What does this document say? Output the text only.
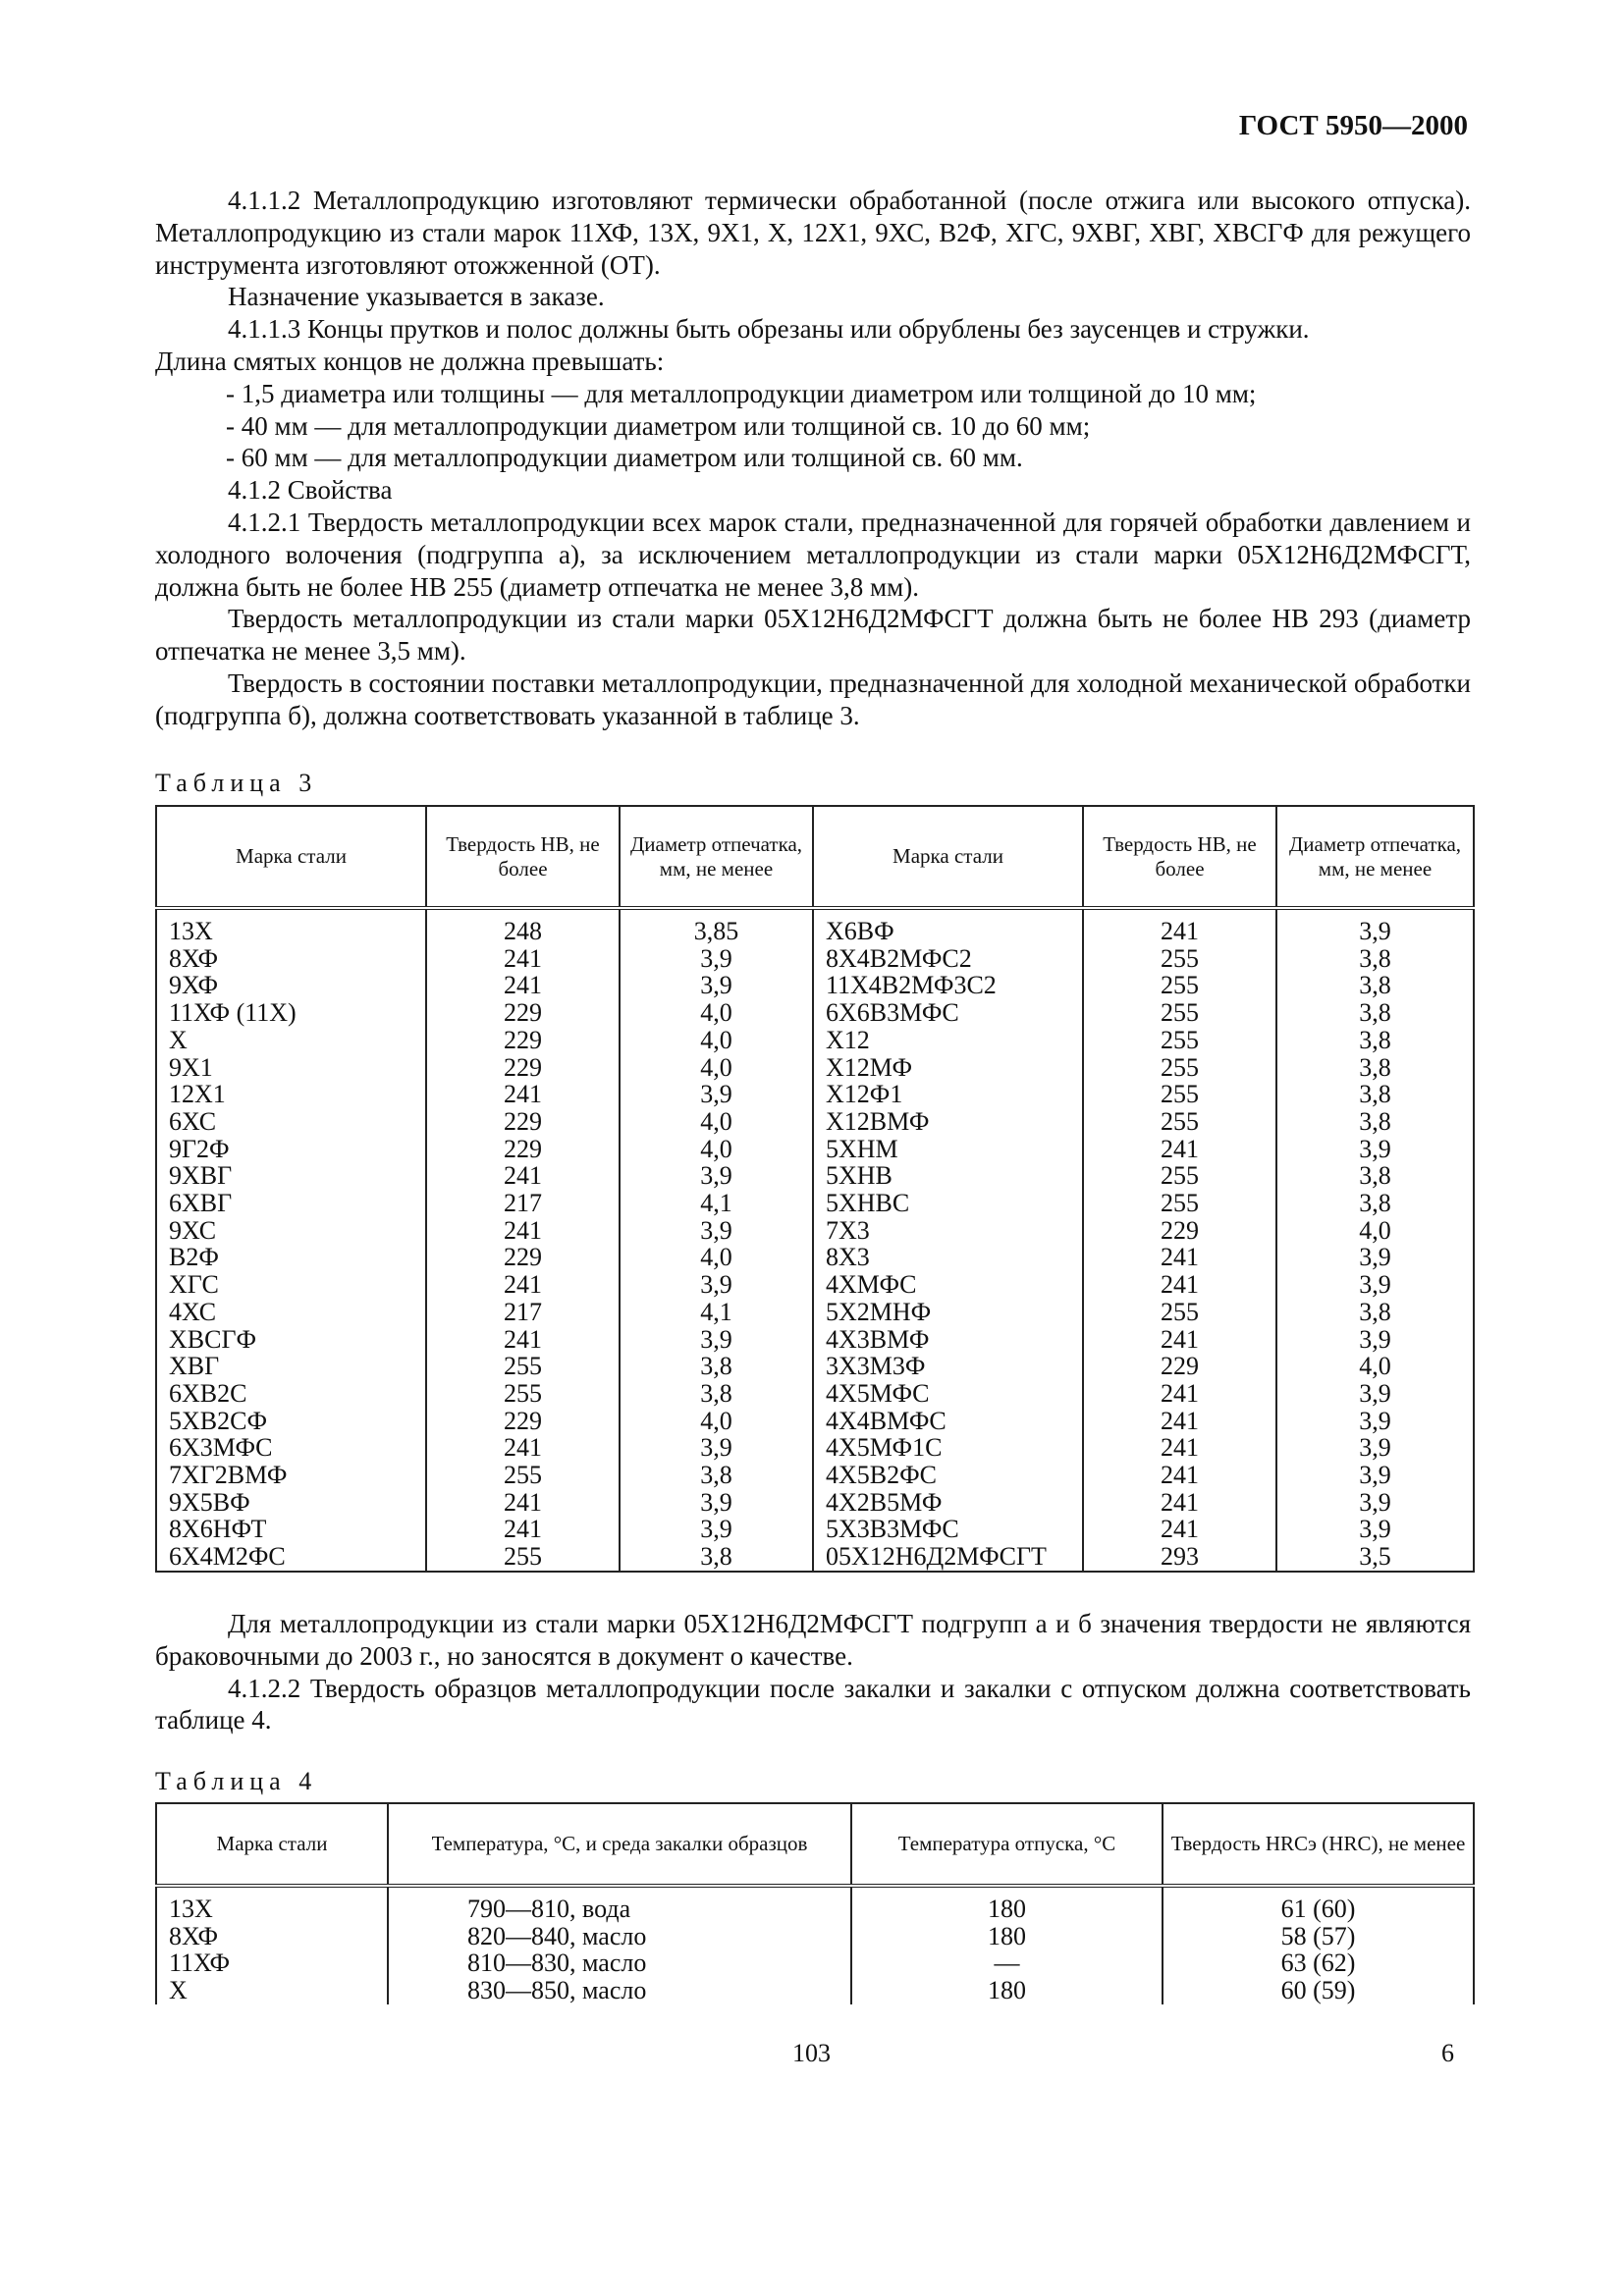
ГОСТ 5950—2000

4.1.1.2 Металлопродукцию изготовляют термически обработанной (после отжига или высокого отпуска). Металлопродукцию из стали марок 11ХФ, 13Х, 9Х1, Х, 12Х1, 9ХС, В2Ф, ХГС, 9ХВГ, ХВГ, ХВСГФ для режущего инструмента изготовляют отожженной (ОТ).

Назначение указывается в заказе.

4.1.1.3 Концы прутков и полос должны быть обрезаны или обрублены без заусенцев и стружки.

Длина смятых концов не должна превышать:

- 1,5 диаметра или толщины — для металлопродукции диаметром или толщиной до 10 мм;

- 40 мм — для металлопродукции диаметром или толщиной св. 10 до 60 мм;

- 60 мм — для металлопродукции диаметром или толщиной св. 60 мм.

4.1.2 Свойства

4.1.2.1 Твердость металлопродукции всех марок стали, предназначенной для горячей обработки давлением и холодного волочения (подгруппа а), за исключением металлопродукции из стали марки 05Х12Н6Д2МФСГТ, должна быть не более НВ 255 (диаметр отпечатка не менее 3,8 мм).

Твердость металлопродукции из стали марки 05Х12Н6Д2МФСГТ должна быть не более НВ 293 (диаметр отпечатка не менее 3,5 мм).

Твердость в состоянии поставки металлопродукции, предназначенной для холодной механической обработки (подгруппа б), должна соответствовать указанной в таблице 3.

Таблица 3
Марка стали	Твердость НВ, не более	Диаметр отпечатка, мм, не менее	Марка стали	Твердость НВ, не более	Диаметр отпечатка, мм, не менее
13Х	248	3,85	Х6ВФ	241	3,9
8ХФ	241	3,9	8Х4В2МФС2	255	3,8
9ХФ	241	3,9	11Х4В2МФ3С2	255	3,8
11ХФ (11Х)	229	4,0	6Х6В3МФС	255	3,8
Х	229	4,0	Х12	255	3,8
9Х1	229	4,0	Х12МФ	255	3,8
12Х1	241	3,9	Х12Ф1	255	3,8
6ХС	229	4,0	Х12ВМФ	255	3,8
9Г2Ф	229	4,0	5ХНМ	241	3,9
9ХВГ	241	3,9	5ХНВ	255	3,8
6ХВГ	217	4,1	5ХНВС	255	3,8
9ХС	241	3,9	7Х3	229	4,0
В2Ф	229	4,0	8Х3	241	3,9
ХГС	241	3,9	4ХМФС	241	3,9
4ХС	217	4,1	5Х2МНФ	255	3,8
ХВСГФ	241	3,9	4Х3ВМФ	241	3,9
ХВГ	255	3,8	3Х3М3Ф	229	4,0
6ХВ2С	255	3,8	4Х5МФС	241	3,9
5ХВ2СФ	229	4,0	4Х4ВМФС	241	3,9
6Х3МФС	241	3,9	4Х5МФ1С	241	3,9
7ХГ2ВМФ	255	3,8	4Х5В2ФС	241	3,9
9Х5ВФ	241	3,9	4Х2В5МФ	241	3,9
8Х6НФТ	241	3,9	5Х3В3МФС	241	3,9
6Х4М2ФС	255	3,8	05Х12Н6Д2МФСГТ	293	3,5

Для металлопродукции из стали марки 05Х12Н6Д2МФСГТ подгрупп а и б значения твердости не являются браковочными до 2003 г., но заносятся в документ о качестве.

4.1.2.2 Твердость образцов металлопродукции после закалки и закалки с отпуском должна соответствовать таблице 4.

Таблица 4
Марка стали	Температура, °С, и среда закалки образцов	Температура отпуска, °С	Твердость HRCэ (HRC), не менее
13Х	790—810, вода	180	61 (60)
8ХФ	820—840, масло	180	58 (57)
11ХФ	810—830, масло	—	63 (62)
Х	830—850, масло	180	60 (59)
103	6
